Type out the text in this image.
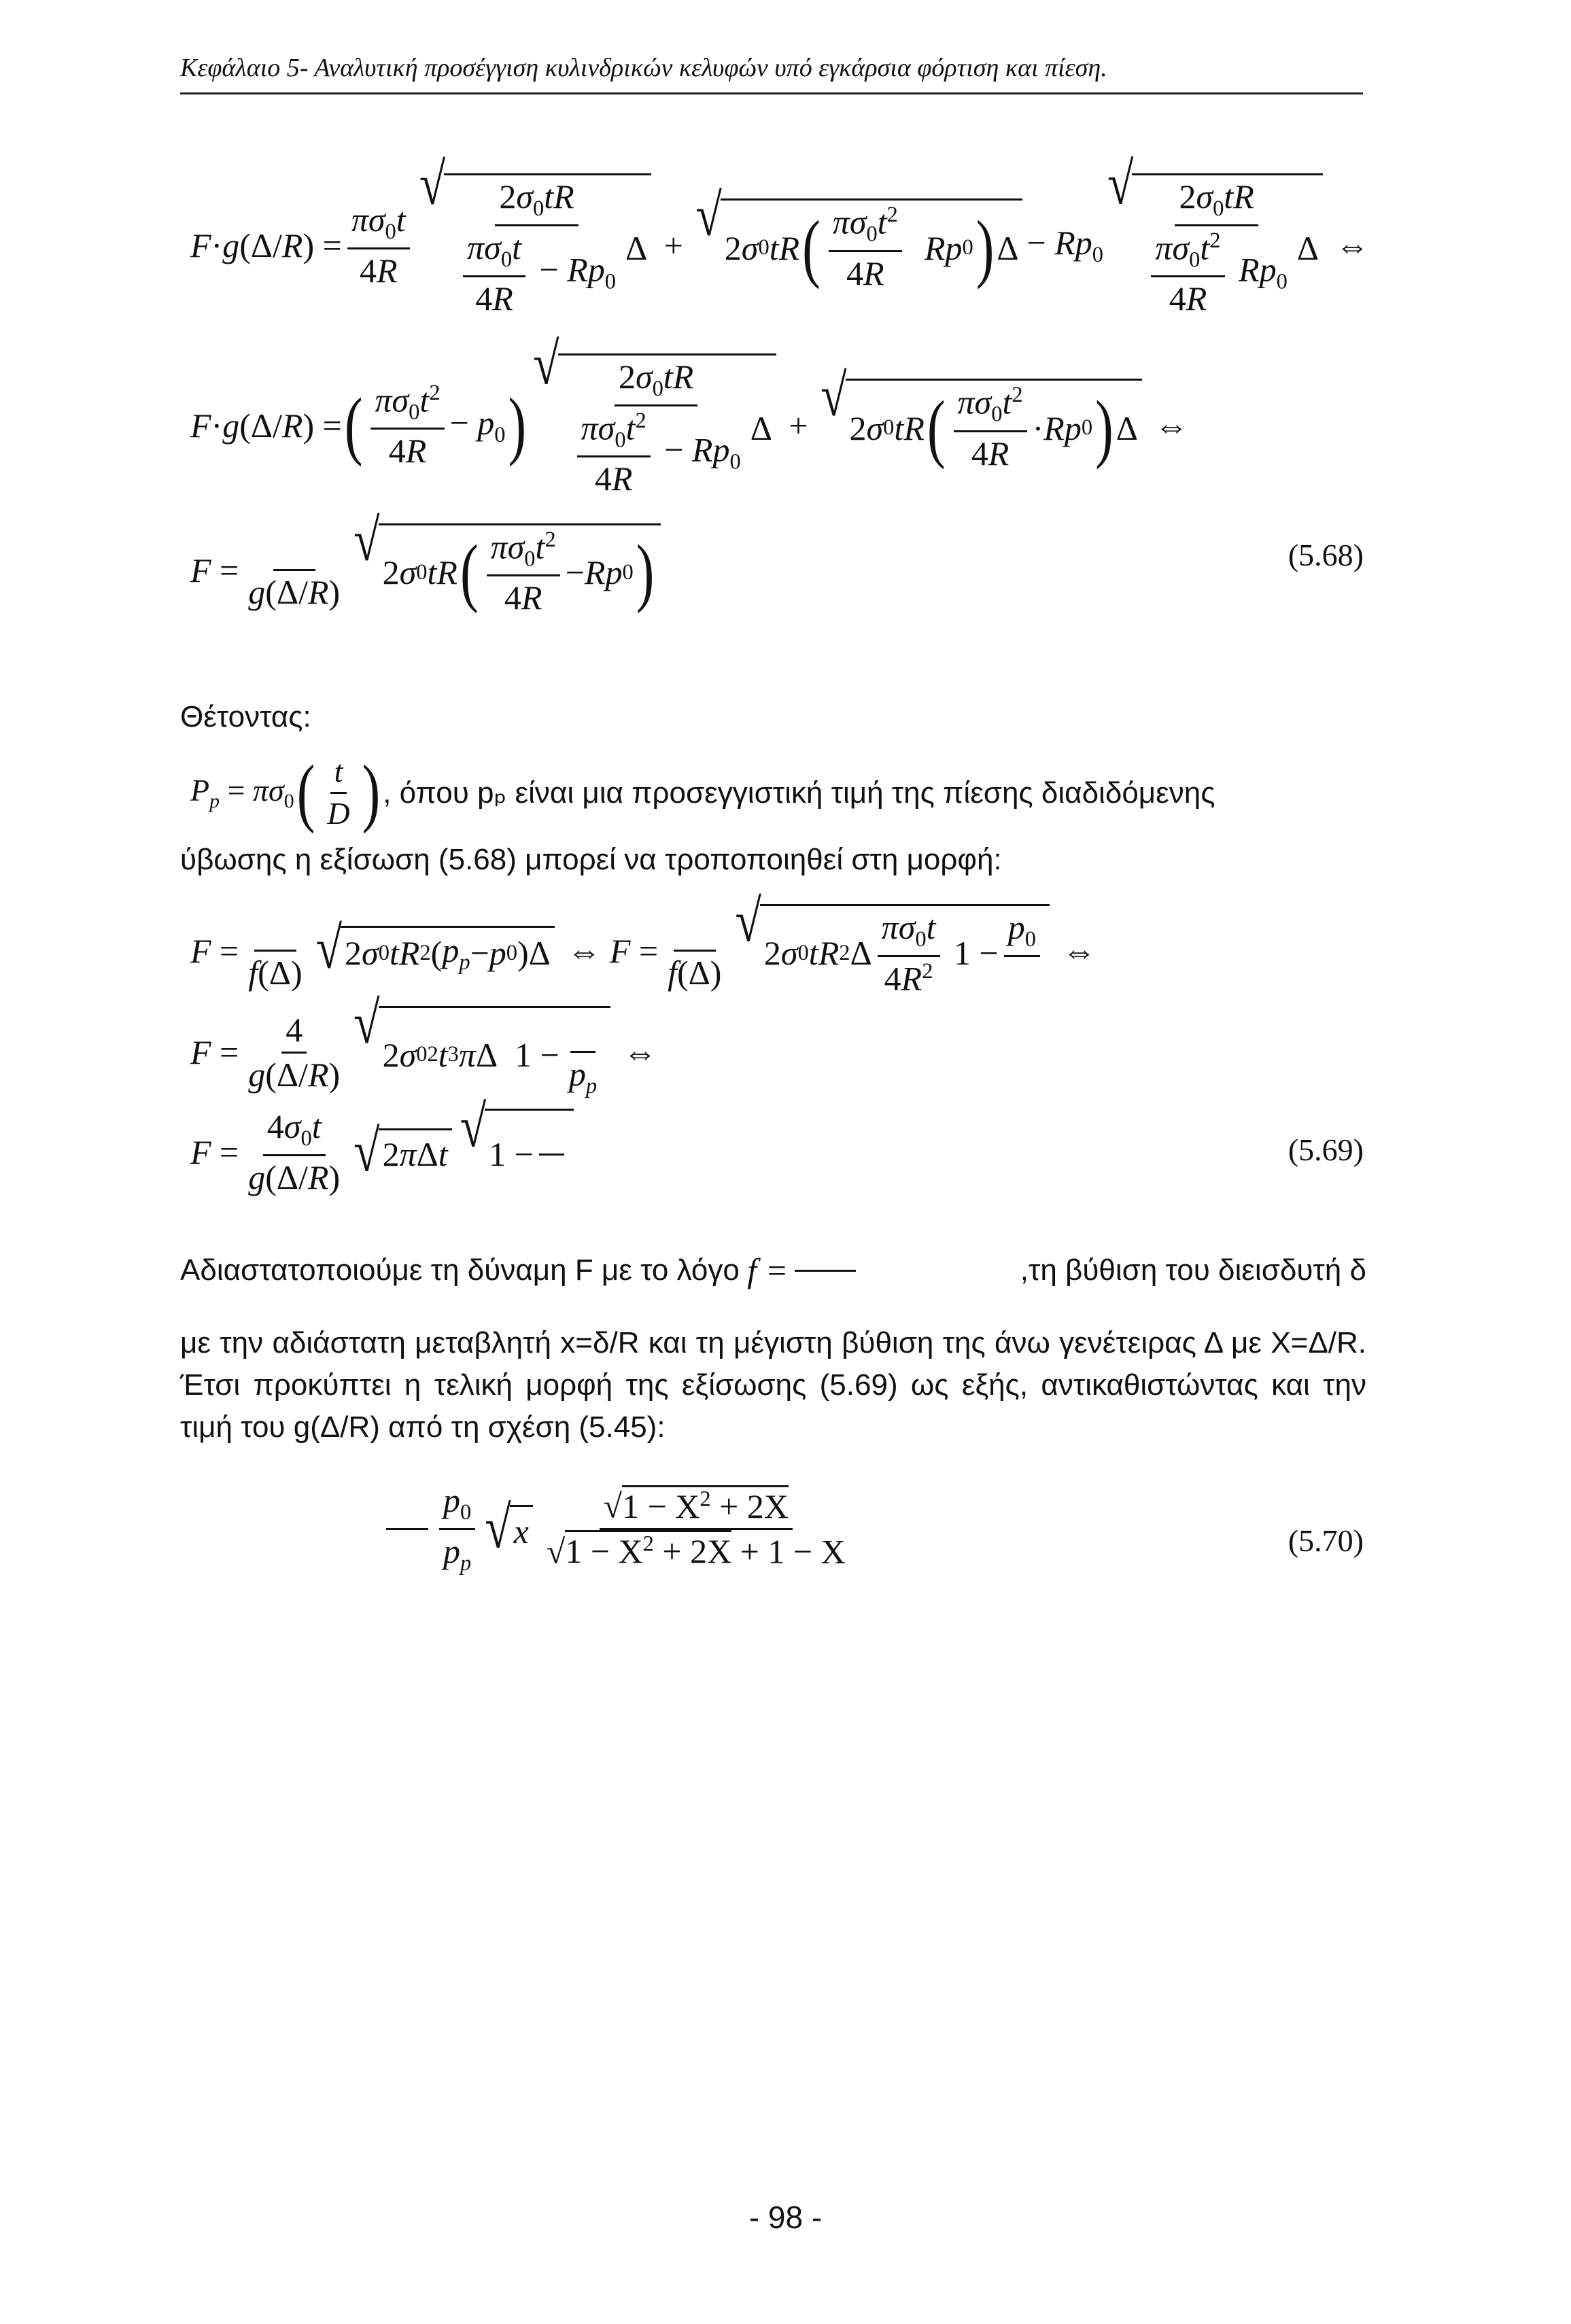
Κεφάλαιο 5- Αναλυτική προσέγγιση κυλινδρικών κελυφών υπό εγκάρσια φόρτιση και πίεση.
$F\cdot g(\Delta/R) = \frac{\pi\sigma_0t}{4R}$
√ $\frac{2\sigma_0tR}{\frac{\pi\sigma_0t}{4R} - Rp_0}$ Δ + √ 2 σ 0 tR ( $\frac{\pi\sigma_0t^2}{4R}$
Rp 0 ) $\Delta - Rp_0$
√ $\frac{2\sigma_0tR}{\frac{\pi\sigma_0t^2}{4R} Rp_0}$ Δ ⇔
F·g(Δ/R) = ( $\frac{\pi\sigma_0t^2}{4R} - p_0$ )
√ $\frac{2\sigma_0tR}{\frac{\pi\sigma_0t^2}{4R} - Rp_0}$ Δ + √ 2 σ 0 tR ( $\frac{\pi\sigma_0t^2}{4R} \cdot Rp$ 0 ) Δ ⇔
F =

g(Δ/R)
√ 2 σ 0 tR ( $\frac{\pi\sigma_0t^2}{4R} - Rp$ 0 )	(5.68)
Θέτοντας:
$P_p = \pi\sigma_0$ ( $\frac{t}{D}$ ) , όπου pₚ είναι μια προσεγγιστική τιμή της πίεσης διαδιδόμενης
ύβωσης η εξίσωση (5.68) μπορεί να τροποποιηθεί στη μορφή:
F =

f(Δ) √ 2 σ 0 tR 2 ( $p_p - p$ 0 )Δ ⇔ F =

f(Δ)
√ 2 σ 0 tR 2 Δ $\frac{\pi\sigma_0t}{4R^2} 1$ −
$p_0$
⇔
$F = \frac{4}{g(\Delta/R)}$ √ 2 σ 0 2 t 3 π Δ  1 −

$p_p$
⇔
$F = \frac{4\sigma_0t}{g(\Delta/R)}$ √ 2 π Δ t √ 1 −

	(5.69)
Αδιαστατοποιούμε τη δύναμη F με το λόγο f =	,τη βύθιση του διεισδυτή δ
με την αδιάστατη μεταβλητή x=δ/R και τη μέγιστη βύθιση της άνω γενέτειρας Δ με X=Δ/R. Έτσι προκύπτει η τελική μορφή της εξίσωσης (5.69) ως εξής, αντικαθιστώντας και την τιμή του g(Δ/R) από τη σχέση (5.45):

$\frac{p_0}{p_p}$ √ x $\frac{√1 - X^2 + 2X}{√1 - X^2 + 2X + 1 - X}$	(5.70)
- 98 -
